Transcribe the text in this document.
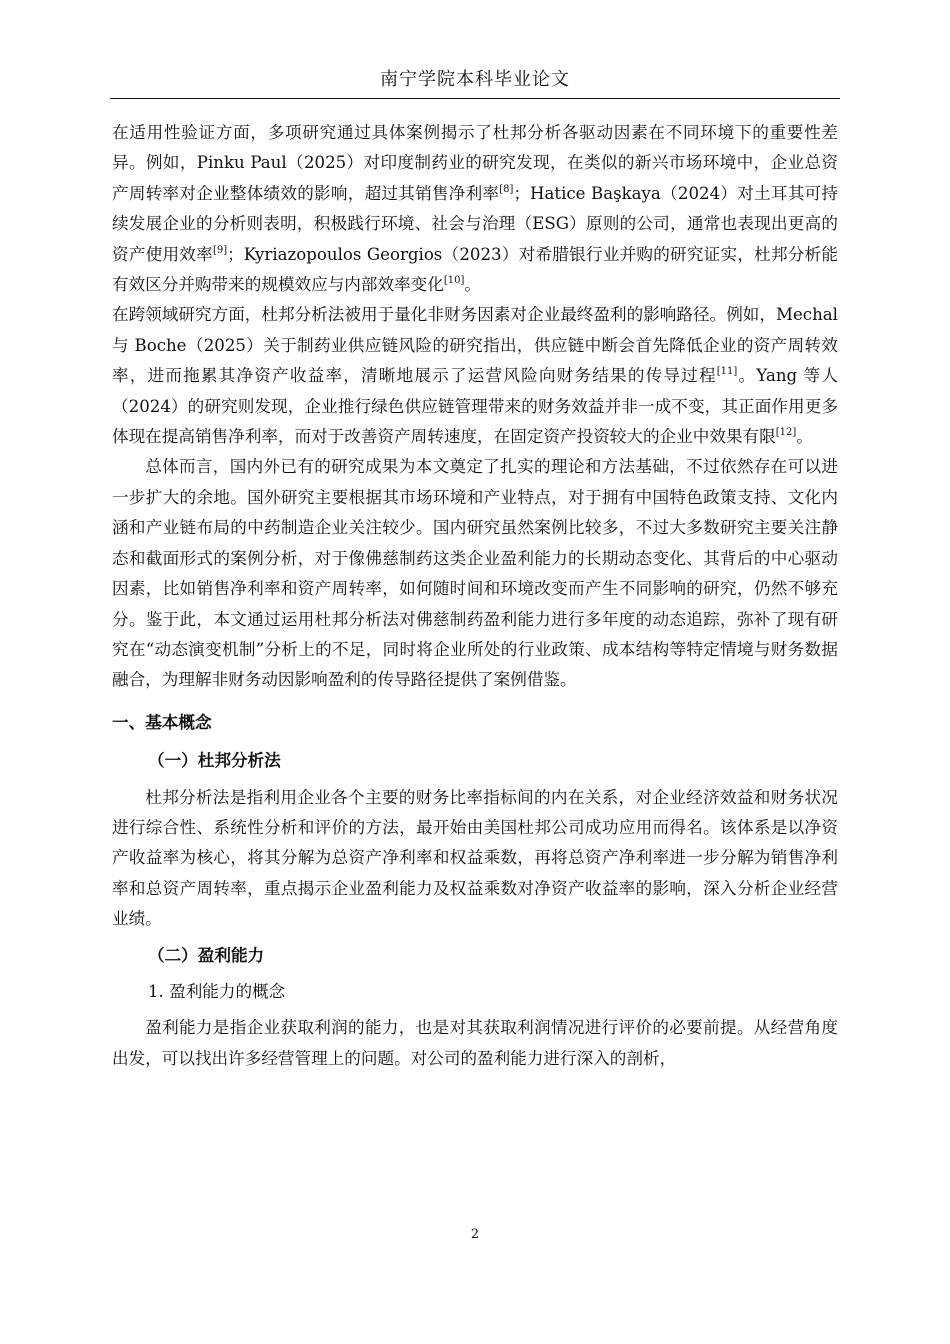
南宁学院本科毕业论文

在适用性验证方面，多项研究通过具体案例揭示了杜邦分析各驱动因素在不同环境下的重要性差异。例如，Pinku Paul（2025）对印度制药业的研究发现，在类似的新兴市场环境中，企业总资产周转率对企业整体绩效的影响，超过其销售净利率[8]；Hatice Başkaya（2024）对土耳其可持续发展企业的分析则表明，积极践行环境、社会与治理（ESG）原则的公司，通常也表现出更高的资产使用效率[9]；Kyriazopoulos Georgios（2023）对希腊银行业并购的研究证实，杜邦分析能有效区分并购带来的规模效应与内部效率变化[10]。

在跨领域研究方面，杜邦分析法被用于量化非财务因素对企业最终盈利的影响路径。例如，Mechal 与 Boche（2025）关于制药业供应链风险的研究指出，供应链中断会首先降低企业的资产周转效率，进而拖累其净资产收益率，清晰地展示了运营风险向财务结果的传导过程[11]。Yang 等人（2024）的研究则发现，企业推行绿色供应链管理带来的财务效益并非一成不变，其正面作用更多体现在提高销售净利率，而对于改善资产周转速度，在固定资产投资较大的企业中效果有限[12]。

总体而言，国内外已有的研究成果为本文奠定了扎实的理论和方法基础，不过依然存在可以进一步扩大的余地。国外研究主要根据其市场环境和产业特点，对于拥有中国特色政策支持、文化内涵和产业链布局的中药制造企业关注较少。国内研究虽然案例比较多，不过大多数研究主要关注静态和截面形式的案例分析，对于像佛慈制药这类企业盈利能力的长期动态变化、其背后的中心驱动因素，比如销售净利率和资产周转率，如何随时间和环境改变而产生不同影响的研究，仍然不够充分。鉴于此，本文通过运用杜邦分析法对佛慈制药盈利能力进行多年度的动态追踪，弥补了现有研究在“动态演变机制”分析上的不足，同时将企业所处的行业政策、成本结构等特定情境与财务数据融合，为理解非财务动因影响盈利的传导路径提供了案例借鉴。

一、基本概念
（一）杜邦分析法

杜邦分析法是指利用企业各个主要的财务比率指标间的内在关系，对企业经济效益和财务状况进行综合性、系统性分析和评价的方法，最开始由美国杜邦公司成功应用而得名。该体系是以净资产收益率为核心，将其分解为总资产净利率和权益乘数，再将总资产净利率进一步分解为销售净利率和总资产周转率，重点揭示企业盈利能力及权益乘数对净资产收益率的影响，深入分析企业经营业绩。

（二）盈利能力
1. 盈利能力的概念

盈利能力是指企业获取利润的能力，也是对其获取利润情况进行评价的必要前提。从经营角度出发，可以找出许多经营管理上的问题。对公司的盈利能力进行深入的剖析，

2
